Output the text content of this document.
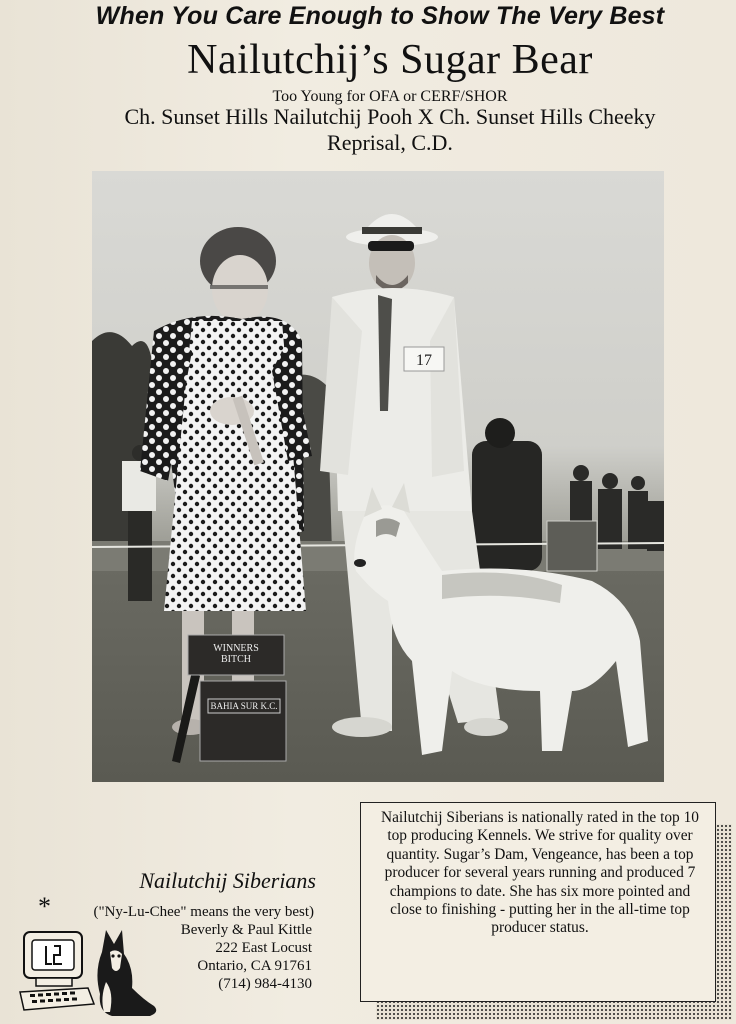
When You Care Enough to Show The Very Best
Nailutchij’s Sugar Bear
Too Young for OFA or CERF/SHOR
Ch. Sunset Hills Nailutchij Pooh X Ch. Sunset Hills Cheeky
Reprisal, C.D.
17
WINNERS
BITCH
BAHIA SUR K.C.
Nailutchij Siberians
*	("Ny-Lu-Chee" means the very best)
Beverly & Paul Kittle
222 East Locust
Ontario, CA 91761
(714) 984-4130

Nailutchij Siberians is nationally rated in the top 10 top producing Kennels. We strive for quality over quantity. Sugar’s Dam, Vengeance, has been a top producer for several years running and produced 7 champions to date. She has six more pointed and close to finishing - putting her in the all-time top producer status.
